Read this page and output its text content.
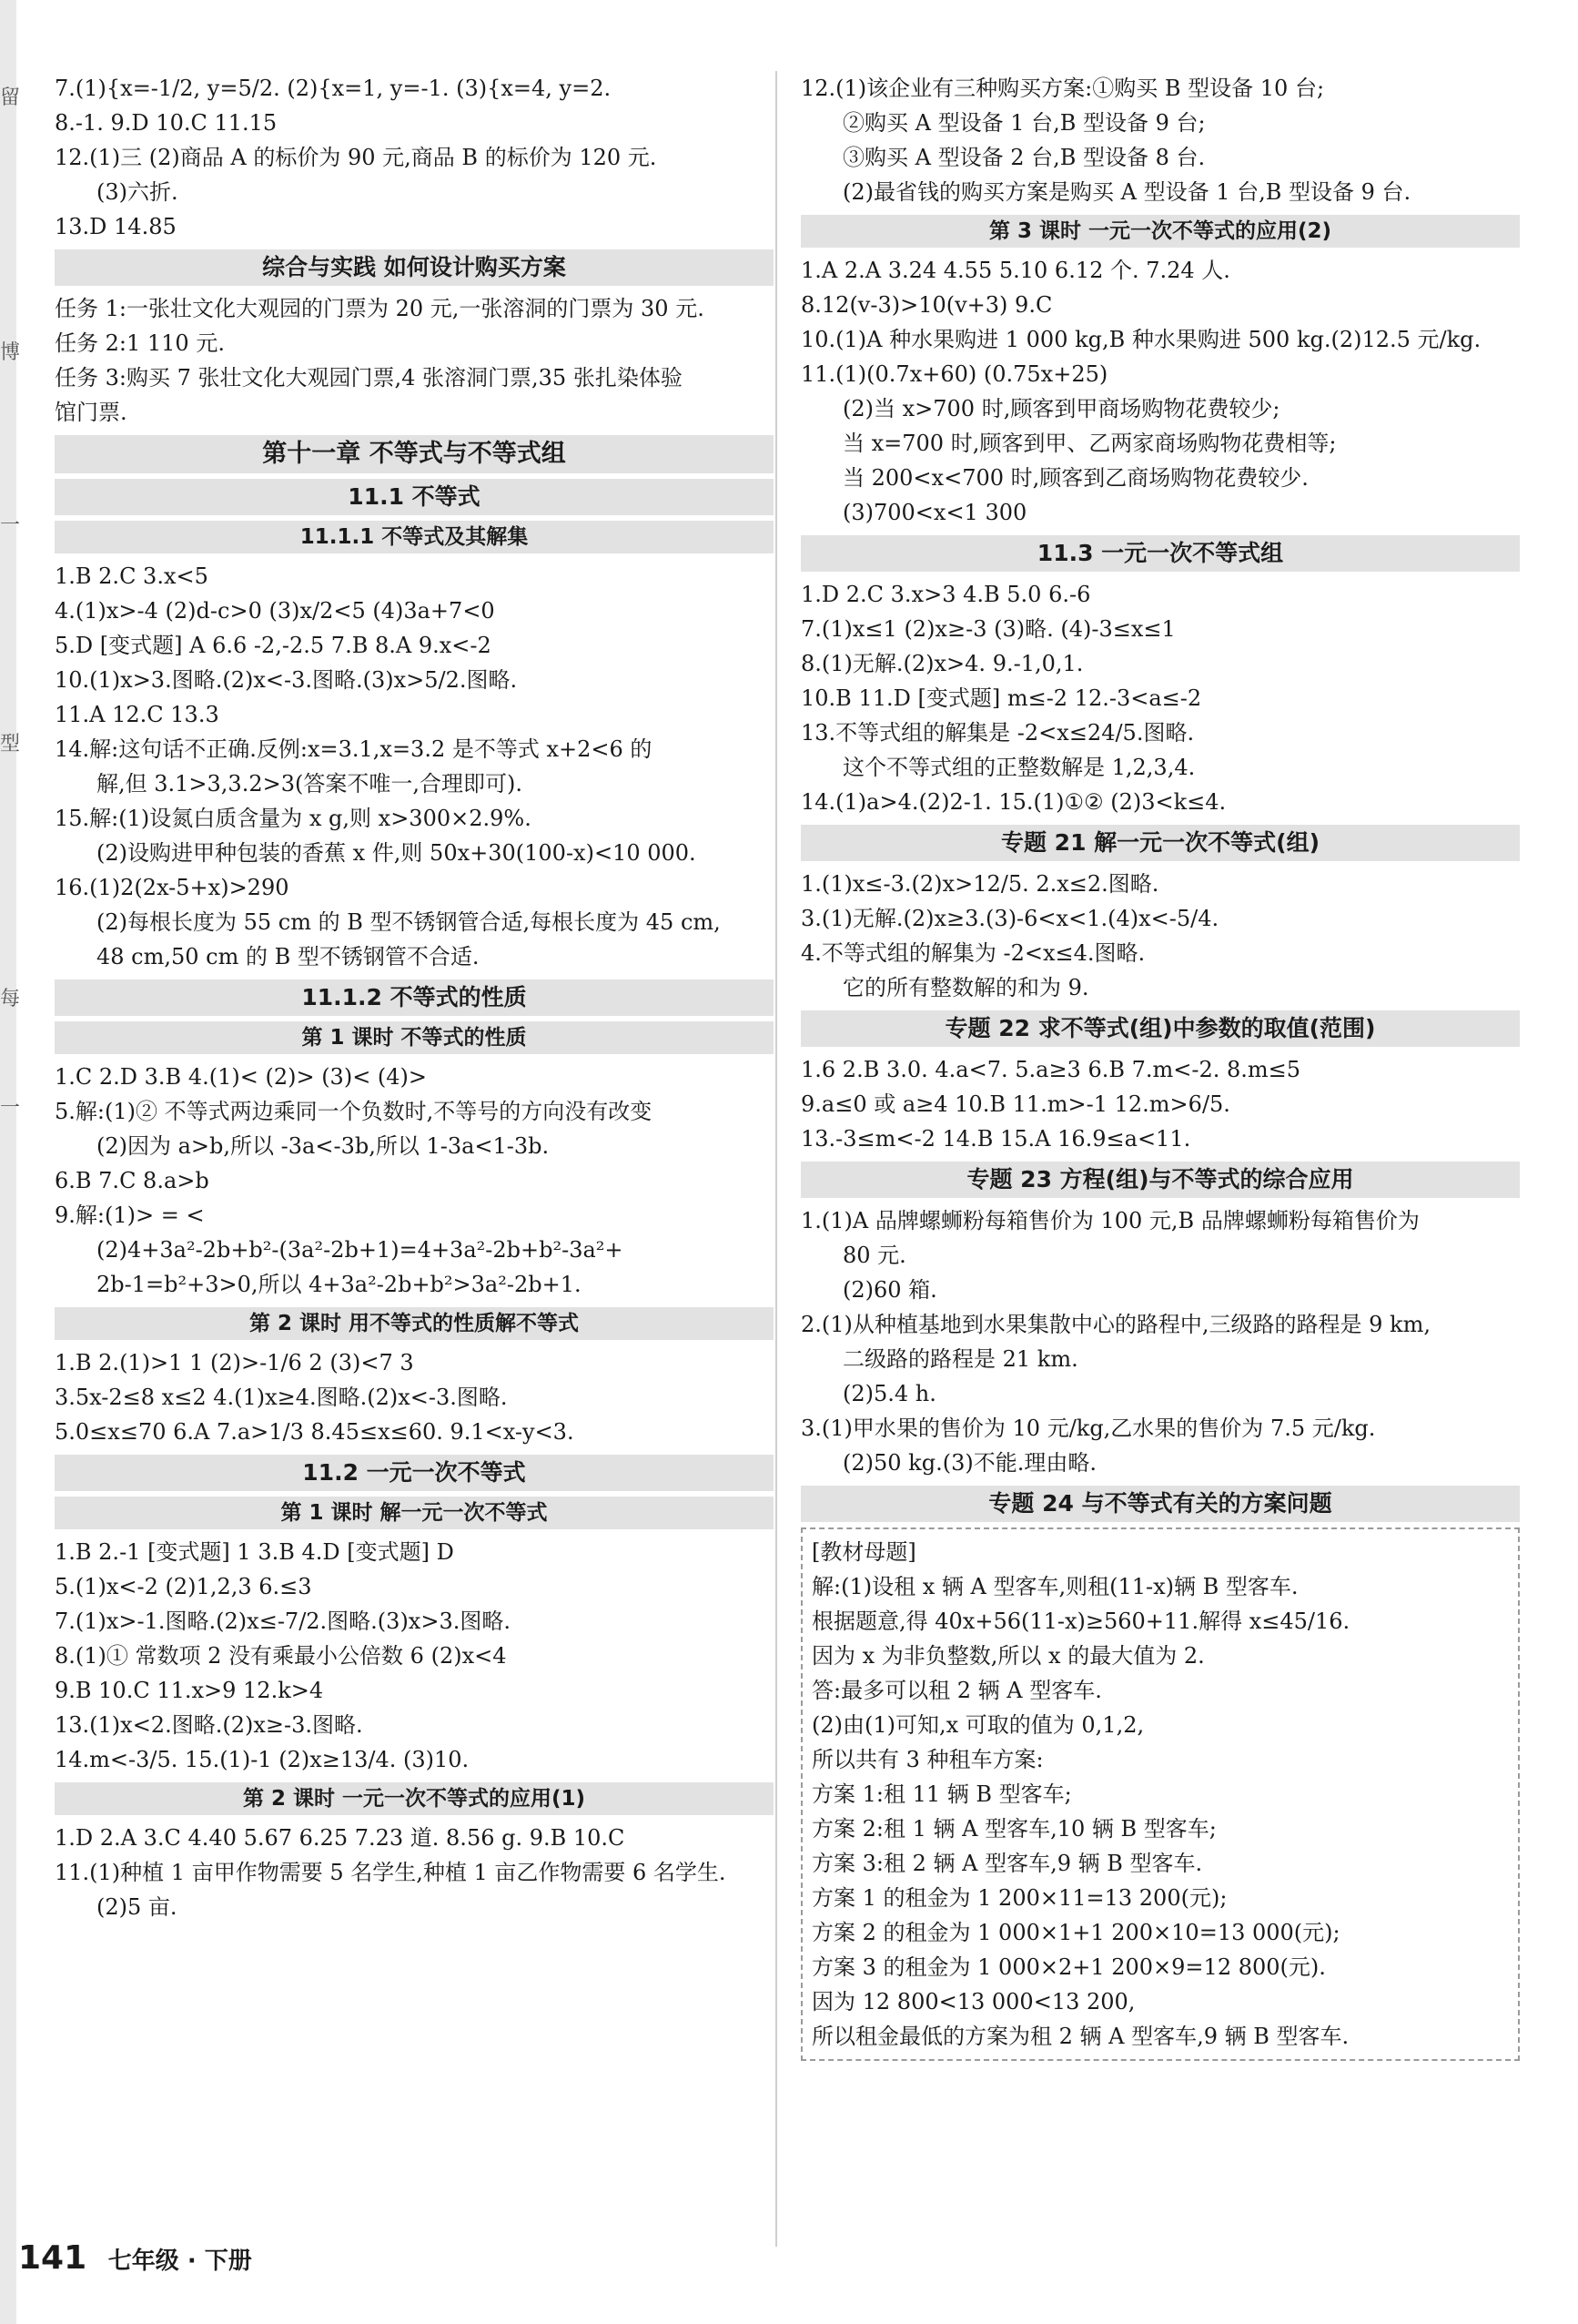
留
博
一
型
每
一
7.(1){x=-1/2, y=5/2. (2){x=1, y=-1. (3){x=4, y=2.
8.-1. 9.D 10.C 11.15
12.(1)三 (2)商品 A 的标价为 90 元,商品 B 的标价为 120 元.
(3)六折.
13.D 14.85
综合与实践 如何设计购买方案
任务 1:一张壮文化大观园的门票为 20 元,一张溶洞的门票为 30 元.
任务 2:1 110 元.
任务 3:购买 7 张壮文化大观园门票,4 张溶洞门票,35 张扎染体验
馆门票.
第十一章 不等式与不等式组
11.1 不等式
11.1.1 不等式及其解集
1.B 2.C 3.x<5
4.(1)x>-4 (2)d-c>0 (3)x/2<5 (4)3a+7<0
5.D [变式题] A 6.6 -2,-2.5 7.B 8.A 9.x<-2
10.(1)x>3.图略.(2)x<-3.图略.(3)x>5/2.图略.
11.A 12.C 13.3
14.解:这句话不正确.反例:x=3.1,x=3.2 是不等式 x+2<6 的
解,但 3.1>3,3.2>3(答案不唯一,合理即可).
15.解:(1)设氮白质含量为 x g,则 x>300×2.9%.
(2)设购进甲种包装的香蕉 x 件,则 50x+30(100-x)<10 000.
16.(1)2(2x-5+x)>290
(2)每根长度为 55 cm 的 B 型不锈钢管合适,每根长度为 45 cm,
48 cm,50 cm 的 B 型不锈钢管不合适.
11.1.2 不等式的性质
第 1 课时 不等式的性质
1.C 2.D 3.B 4.(1)< (2)> (3)< (4)>
5.解:(1)② 不等式两边乘同一个负数时,不等号的方向没有改变
(2)因为 a>b,所以 -3a<-3b,所以 1-3a<1-3b.
6.B 7.C 8.a>b
9.解:(1)> = <
(2)4+3a²-2b+b²-(3a²-2b+1)=4+3a²-2b+b²-3a²+
2b-1=b²+3>0,所以 4+3a²-2b+b²>3a²-2b+1.
第 2 课时 用不等式的性质解不等式
1.B 2.(1)>1 1 (2)>-1/6 2 (3)<7 3
3.5x-2≤8 x≤2 4.(1)x≥4.图略.(2)x<-3.图略.
5.0≤x≤70 6.A 7.a>1/3 8.45≤x≤60. 9.1<x-y<3.
11.2 一元一次不等式
第 1 课时 解一元一次不等式
1.B 2.-1 [变式题] 1 3.B 4.D [变式题] D
5.(1)x<-2 (2)1,2,3 6.≤3
7.(1)x>-1.图略.(2)x≤-7/2.图略.(3)x>3.图略.
8.(1)① 常数项 2 没有乘最小公倍数 6 (2)x<4
9.B 10.C 11.x>9 12.k>4
13.(1)x<2.图略.(2)x≥-3.图略.
14.m<-3/5. 15.(1)-1 (2)x≥13/4. (3)10.
第 2 课时 一元一次不等式的应用(1)
1.D 2.A 3.C 4.40 5.67 6.25 7.23 道. 8.56 g. 9.B 10.C
11.(1)种植 1 亩甲作物需要 5 名学生,种植 1 亩乙作物需要 6 名学生.
(2)5 亩.
12.(1)该企业有三种购买方案:①购买 B 型设备 10 台;
②购买 A 型设备 1 台,B 型设备 9 台;
③购买 A 型设备 2 台,B 型设备 8 台.
(2)最省钱的购买方案是购买 A 型设备 1 台,B 型设备 9 台.
第 3 课时 一元一次不等式的应用(2)
1.A 2.A 3.24 4.55 5.10 6.12 个. 7.24 人.
8.12(v-3)>10(v+3) 9.C
10.(1)A 种水果购进 1 000 kg,B 种水果购进 500 kg.(2)12.5 元/kg.
11.(1)(0.7x+60) (0.75x+25)
(2)当 x>700 时,顾客到甲商场购物花费较少;
当 x=700 时,顾客到甲、乙两家商场购物花费相等;
当 200<x<700 时,顾客到乙商场购物花费较少.
(3)700<x<1 300
11.3 一元一次不等式组
1.D 2.C 3.x>3 4.B 5.0 6.-6
7.(1)x≤1 (2)x≥-3 (3)略. (4)-3≤x≤1
8.(1)无解.(2)x>4. 9.-1,0,1.
10.B 11.D [变式题] m≤-2 12.-3<a≤-2
13.不等式组的解集是 -2<x≤24/5.图略.
这个不等式组的正整数解是 1,2,3,4.
14.(1)a>4.(2)2-1. 15.(1)①② (2)3<k≤4.
专题 21 解一元一次不等式(组)
1.(1)x≤-3.(2)x>12/5. 2.x≤2.图略.
3.(1)无解.(2)x≥3.(3)-6<x<1.(4)x<-5/4.
4.不等式组的解集为 -2<x≤4.图略.
它的所有整数解的和为 9.
专题 22 求不等式(组)中参数的取值(范围)
1.6 2.B 3.0. 4.a<7. 5.a≥3 6.B 7.m<-2. 8.m≤5
9.a≤0 或 a≥4 10.B 11.m>-1 12.m>6/5.
13.-3≤m<-2 14.B 15.A 16.9≤a<11.
专题 23 方程(组)与不等式的综合应用
1.(1)A 品牌螺蛳粉每箱售价为 100 元,B 品牌螺蛳粉每箱售价为
80 元.
(2)60 箱.
2.(1)从种植基地到水果集散中心的路程中,三级路的路程是 9 km,
二级路的路程是 21 km.
(2)5.4 h.
3.(1)甲水果的售价为 10 元/kg,乙水果的售价为 7.5 元/kg.
(2)50 kg.(3)不能.理由略.
专题 24 与不等式有关的方案问题
[教材母题]
解:(1)设租 x 辆 A 型客车,则租(11-x)辆 B 型客车.
根据题意,得 40x+56(11-x)≥560+11.解得 x≤45/16.
因为 x 为非负整数,所以 x 的最大值为 2.
答:最多可以租 2 辆 A 型客车.
(2)由(1)可知,x 可取的值为 0,1,2,
所以共有 3 种租车方案:
方案 1:租 11 辆 B 型客车;
方案 2:租 1 辆 A 型客车,10 辆 B 型客车;
方案 3:租 2 辆 A 型客车,9 辆 B 型客车.
方案 1 的租金为 1 200×11=13 200(元);
方案 2 的租金为 1 000×1+1 200×10=13 000(元);
方案 3 的租金为 1 000×2+1 200×9=12 800(元).
因为 12 800<13 000<13 200,
所以租金最低的方案为租 2 辆 A 型客车,9 辆 B 型客车.
141 七年级 · 下册
